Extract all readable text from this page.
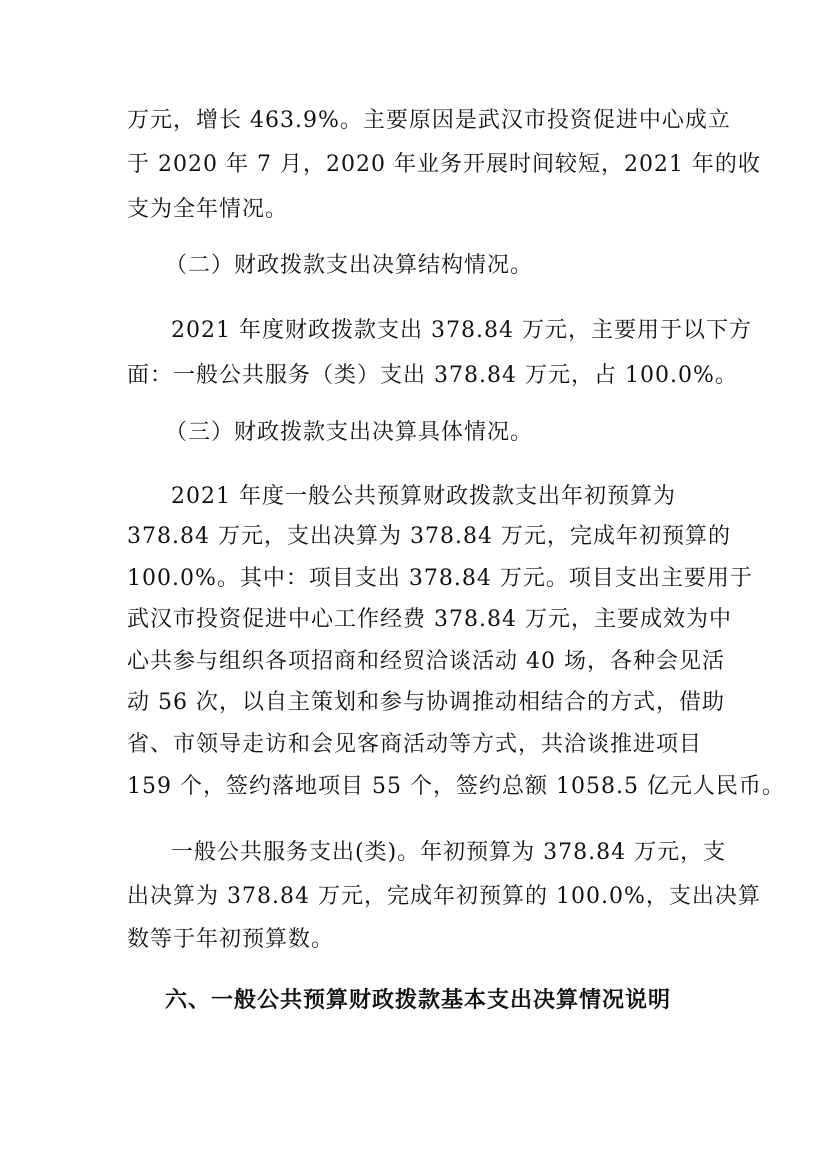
万元，增长 463.9%。主要原因是武汉市投资促进中心成立
于 2020 年 7 月，2020 年业务开展时间较短，2021 年的收
支为全年情况。
（二）财政拨款支出决算结构情况。
2021 年度财政拨款支出 378.84 万元，主要用于以下方
面：一般公共服务（类）支出 378.84 万元，占 100.0%。
（三）财政拨款支出决算具体情况。
2021 年度一般公共预算财政拨款支出年初预算为
378.84 万元，支出决算为 378.84 万元，完成年初预算的
100.0%。其中：项目支出 378.84 万元。项目支出主要用于
武汉市投资促进中心工作经费 378.84 万元，主要成效为中
心共参与组织各项招商和经贸洽谈活动 40 场，各种会见活
动 56 次，以自主策划和参与协调推动相结合的方式，借助
省、市领导走访和会见客商活动等方式，共洽谈推进项目
159 个，签约落地项目 55 个，签约总额 1058.5 亿元人民币。
一般公共服务支出(类)。年初预算为 378.84 万元，支
出决算为 378.84 万元，完成年初预算的 100.0%，支出决算
数等于年初预算数。
六、一般公共预算财政拨款基本支出决算情况说明
